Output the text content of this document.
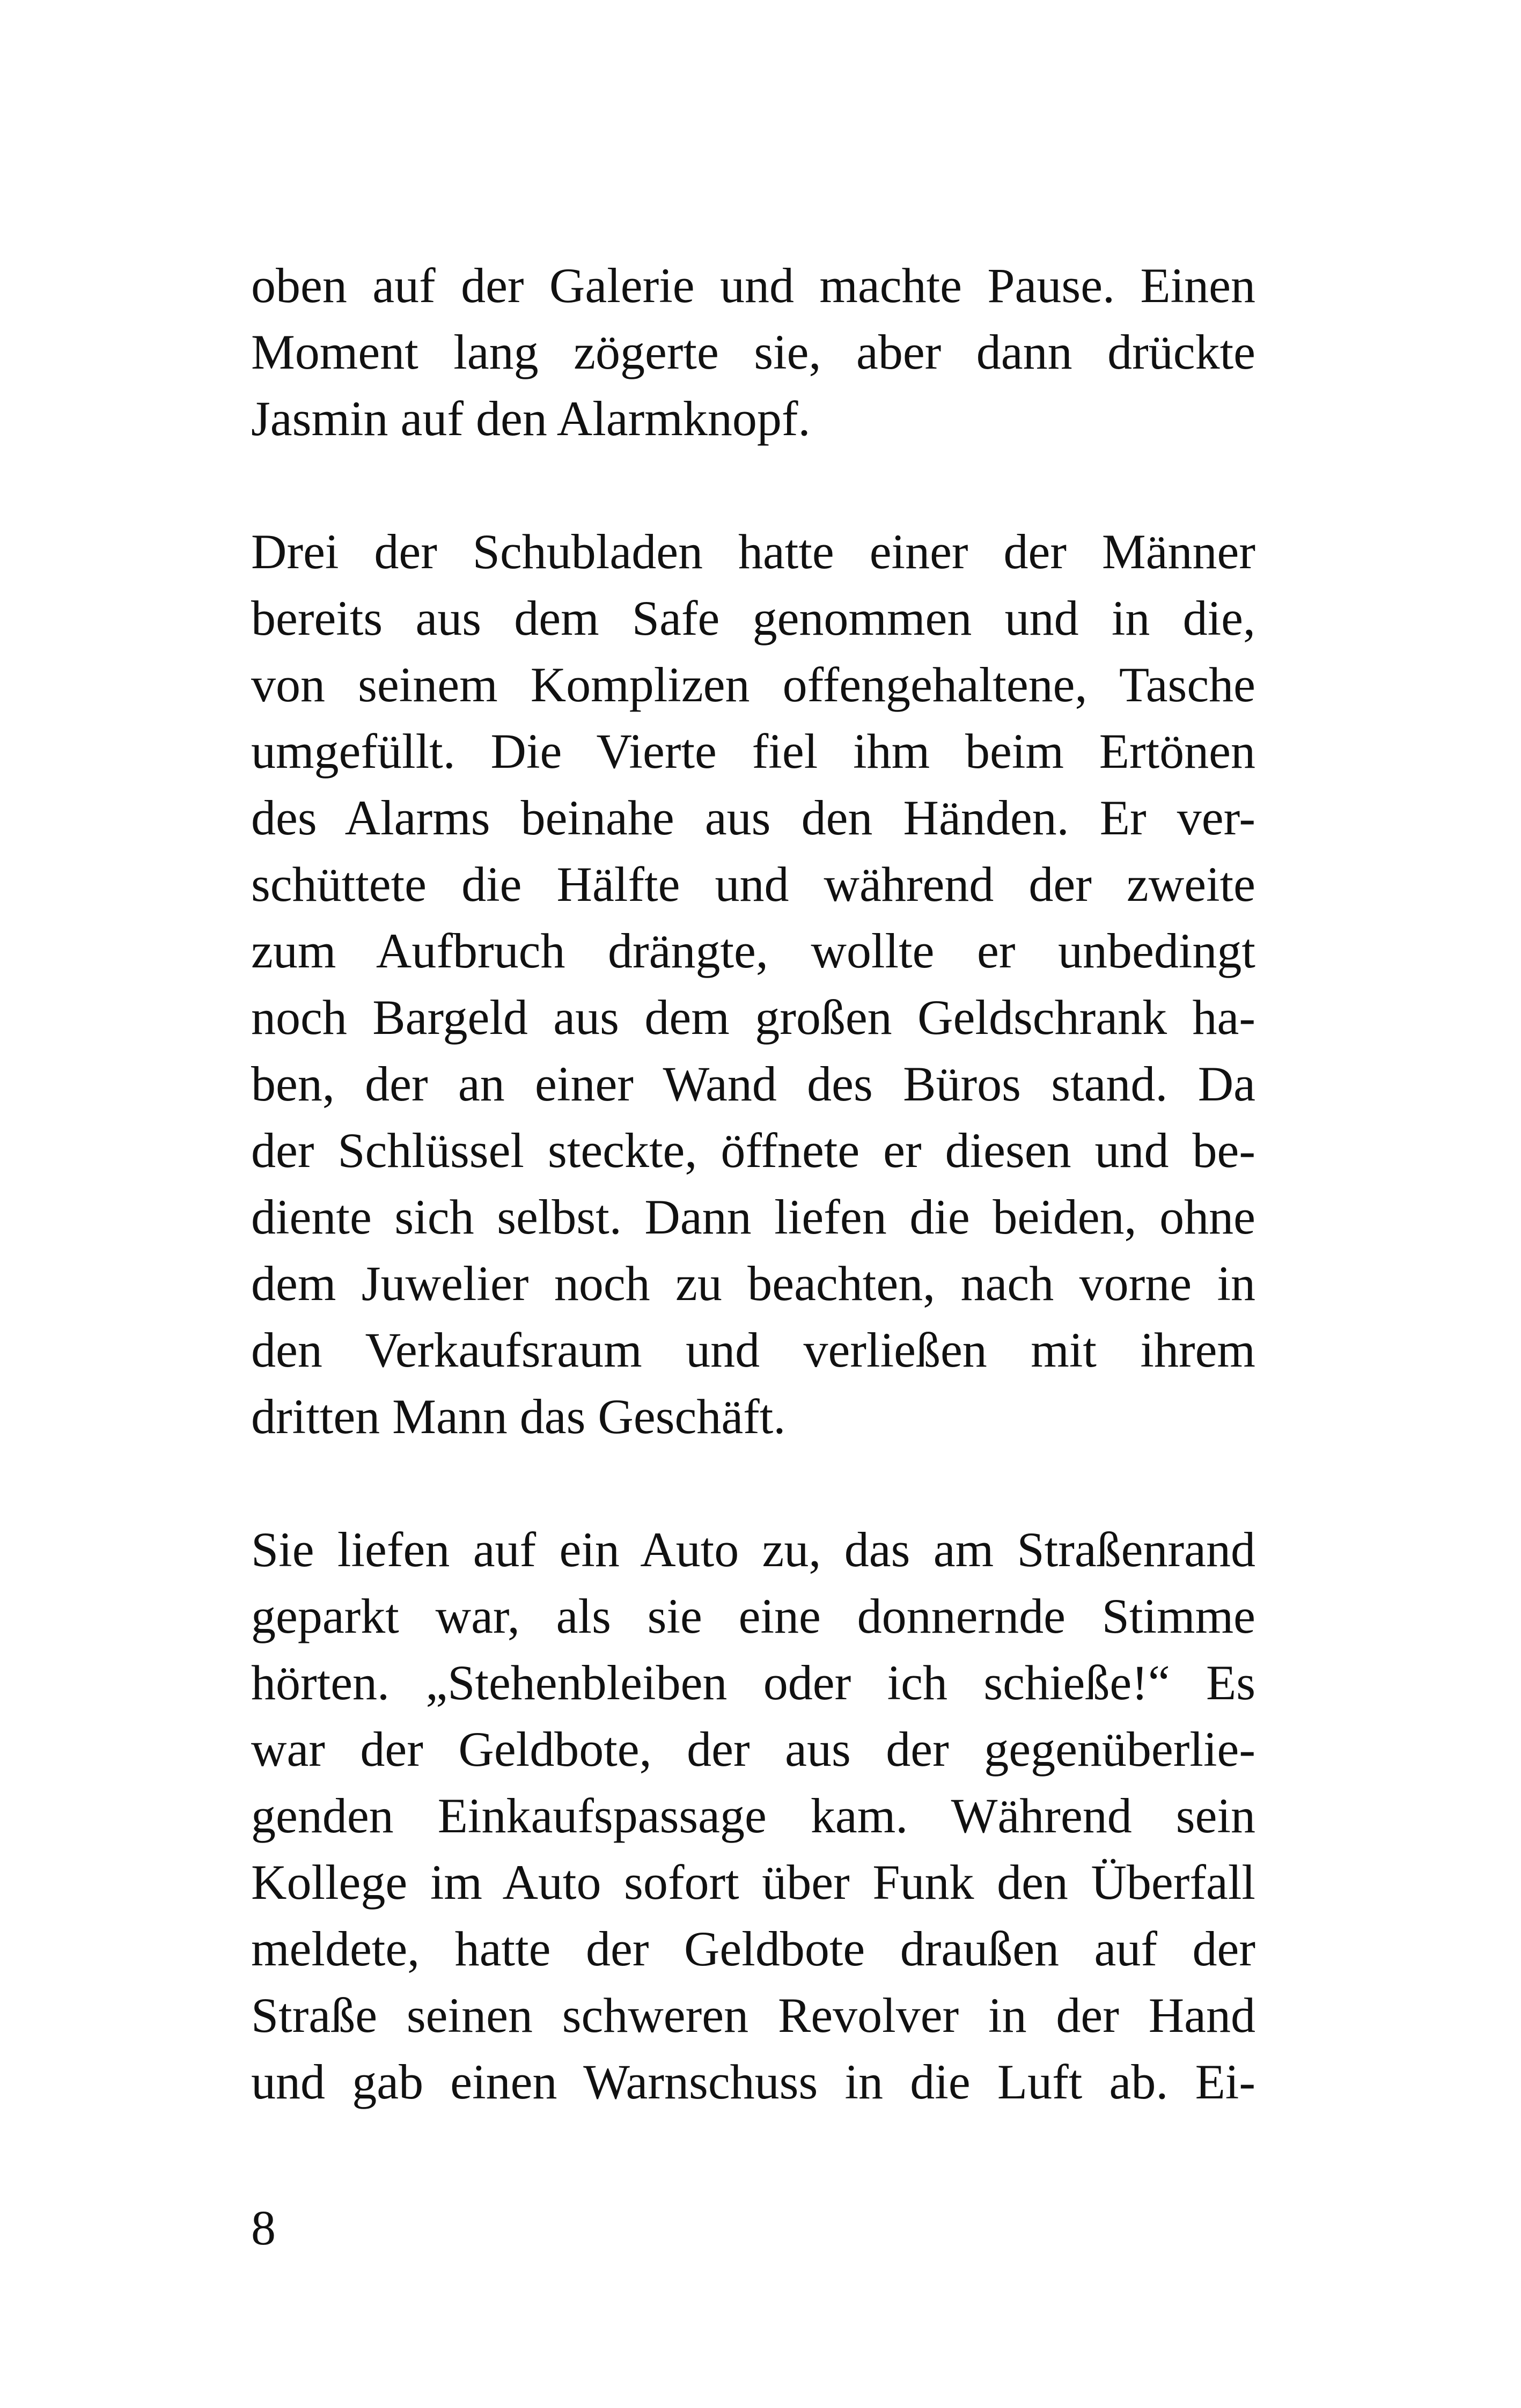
oben auf der Galerie und machte Pause. Einen
Moment lang zögerte sie, aber dann drückte
Jasmin auf den Alarmknopf.
Drei der Schubladen hatte einer der Männer
bereits aus dem Safe genommen und in die,
von seinem Komplizen offengehaltene, Tasche
umgefüllt. Die Vierte fiel ihm beim Ertönen
des Alarms beinahe aus den Händen. Er ver-
schüttete die Hälfte und während der zweite
zum Aufbruch drängte, wollte er unbedingt
noch Bargeld aus dem großen Geldschrank ha-
ben, der an einer Wand des Büros stand. Da
der Schlüssel steckte, öffnete er diesen und be-
diente sich selbst. Dann liefen die beiden, ohne
dem Juwelier noch zu beachten, nach vorne in
den Verkaufsraum und verließen mit ihrem
dritten Mann das Geschäft.
Sie liefen auf ein Auto zu, das am Straßenrand
geparkt war, als sie eine donnernde Stimme
hörten. „Stehenbleiben oder ich schieße!“ Es
war der Geldbote, der aus der gegenüberlie-
genden Einkaufspassage kam. Während sein
Kollege im Auto sofort über Funk den Überfall
meldete, hatte der Geldbote draußen auf der
Straße seinen schweren Revolver in der Hand
und gab einen Warnschuss in die Luft ab. Ei-
8
